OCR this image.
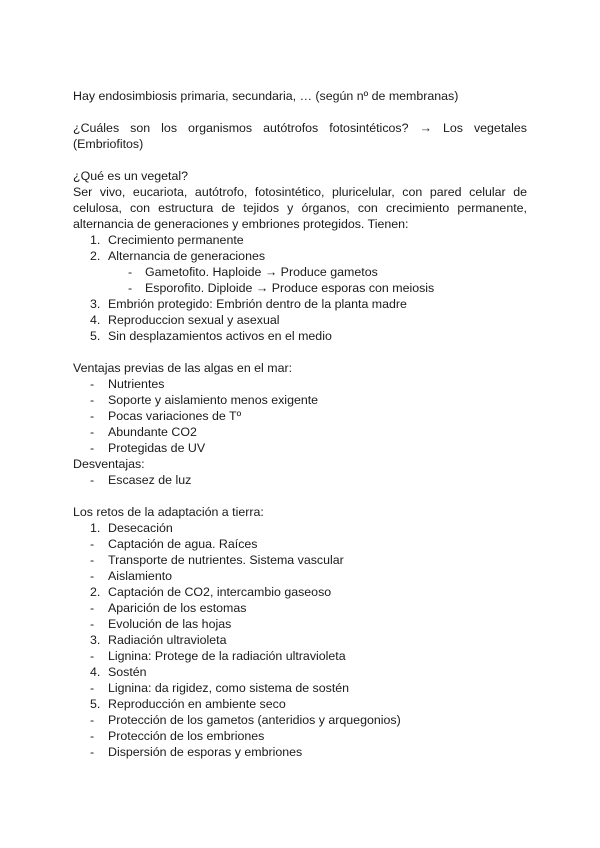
Hay endosimbiosis primaria, secundaria, … (según nº de membranas)
¿Cuáles son los organismos autótrofos fotosintéticos? → Los vegetales
(Embriofitos)
¿Qué es un vegetal?
Ser vivo, eucariota, autótrofo, fotosintético, pluricelular, con pared celular de
celulosa, con estructura de tejidos y órganos, con crecimiento permanente,
alternancia de generaciones y embriones protegidos. Tienen:
1. Crecimiento permanente
2. Alternancia de generaciones
- Gametofito. Haploide → Produce gametos
- Esporofito. Diploide → Produce esporas con meiosis
3. Embrión protegido: Embrión dentro de la planta madre
4. Reproduccion sexual y asexual
5. Sin desplazamientos activos en el medio
Ventajas previas de las algas en el mar:
- Nutrientes
- Soporte y aislamiento menos exigente
- Pocas variaciones de Tº
- Abundante CO2
- Protegidas de UV
Desventajas:
- Escasez de luz
Los retos de la adaptación a tierra:
1. Desecación
- Captación de agua. Raíces
- Transporte de nutrientes. Sistema vascular
- Aislamiento
2. Captación de CO2, intercambio gaseoso
- Aparición de los estomas
- Evolución de las hojas
3. Radiación ultravioleta
- Lignina: Protege de la radiación ultravioleta
4. Sostén
- Lignina: da rigidez, como sistema de sostén
5. Reproducción en ambiente seco
- Protección de los gametos (anteridios y arquegonios)
- Protección de los embriones
- Dispersión de esporas y embriones
